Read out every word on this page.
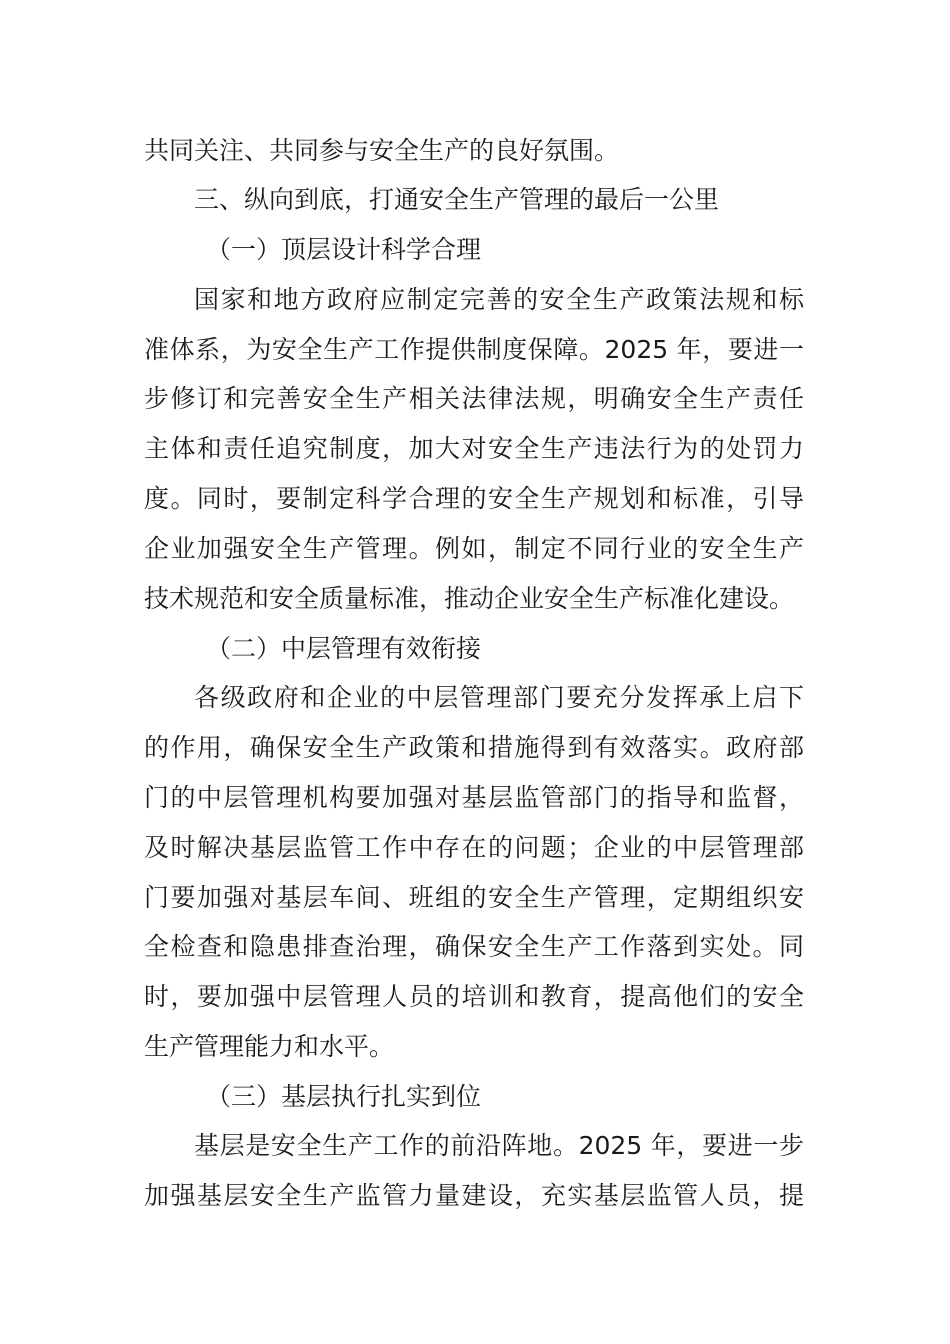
共同关注、共同参与安全生产的良好氛围。
三、纵向到底，打通安全生产管理的最后一公里
（一）顶层设计科学合理
国家和地方政府应制定完善的安全生产政策法规和标
准体系，为安全生产工作提供制度保障。2025 年，要进一
步修订和完善安全生产相关法律法规，明确安全生产责任
主体和责任追究制度，加大对安全生产违法行为的处罚力
度。同时，要制定科学合理的安全生产规划和标准，引导
企业加强安全生产管理。例如，制定不同行业的安全生产
技术规范和安全质量标准，推动企业安全生产标准化建设。
（二）中层管理有效衔接
各级政府和企业的中层管理部门要充分发挥承上启下
的作用，确保安全生产政策和措施得到有效落实。政府部
门的中层管理机构要加强对基层监管部门的指导和监督，
及时解决基层监管工作中存在的问题；企业的中层管理部
门要加强对基层车间、班组的安全生产管理，定期组织安
全检查和隐患排查治理，确保安全生产工作落到实处。同
时，要加强中层管理人员的培训和教育，提高他们的安全
生产管理能力和水平。
（三）基层执行扎实到位
基层是安全生产工作的前沿阵地。2025 年，要进一步
加强基层安全生产监管力量建设，充实基层监管人员，提
